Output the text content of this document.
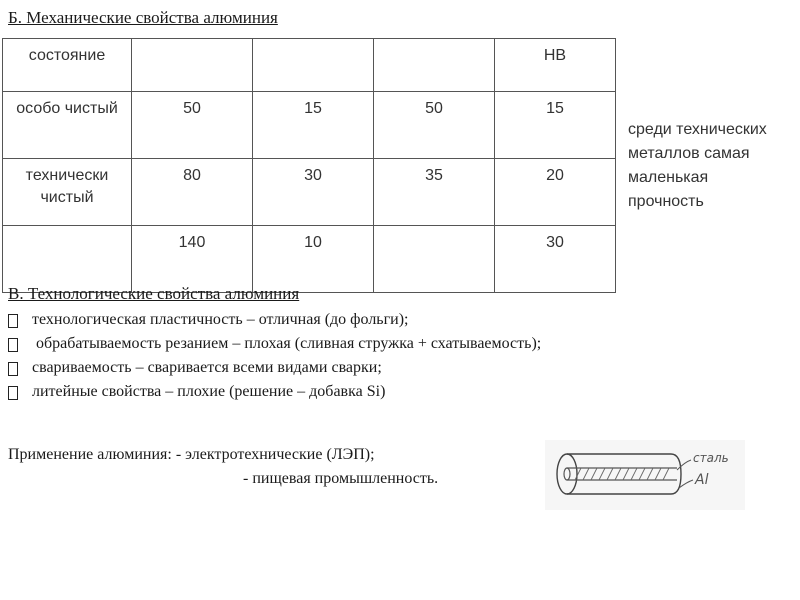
Б. Механические свойства алюминия
состояние				НВ
особо чистый	50	15	50	15
технически чистый	80	30	35	20
	140	10		30
среди технических металлов самая маленькая прочность
В. Технологические свойства алюминия
технологическая пластичность – отличная (до фольги);
обрабатываемость резанием – плохая (сливная стружка + схатываемость);
свариваемость – сваривается всеми видами сварки;
литейные свойства – плохие (решение – добавка Si)
Применение алюминия: - электротехнические (ЛЭП);
- пищевая промышленность.
сталь
Al
